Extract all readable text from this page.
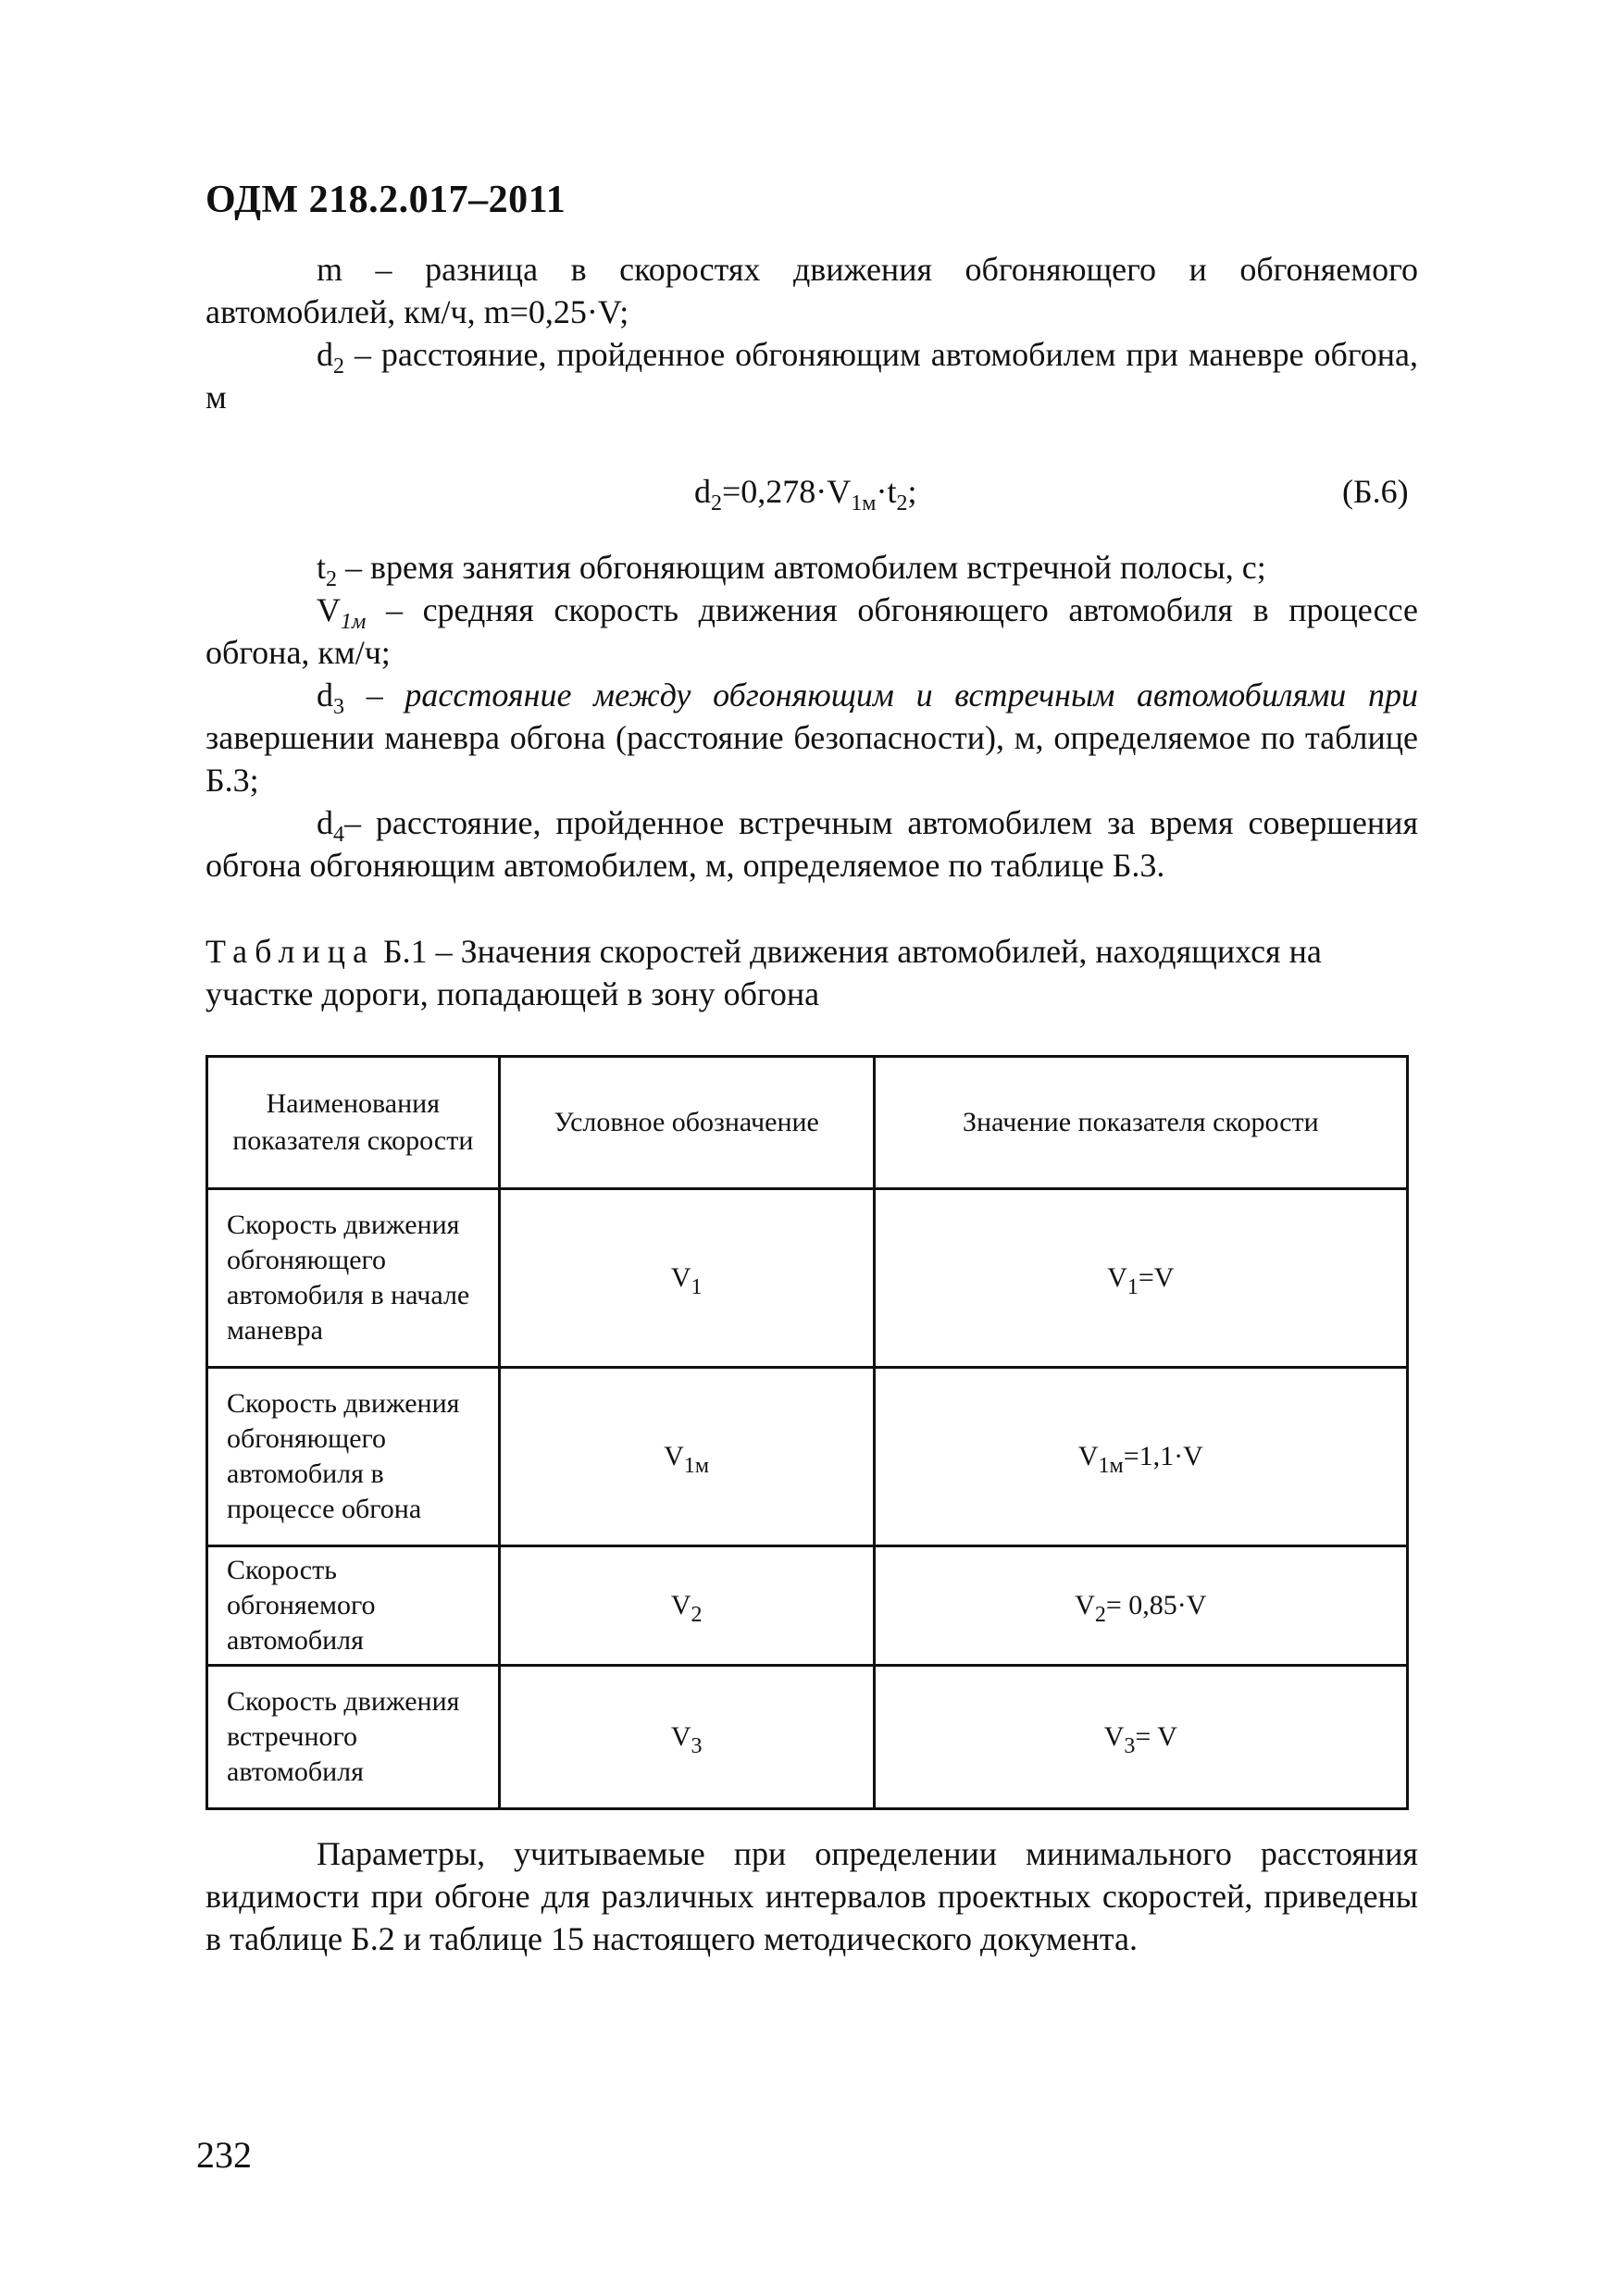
ОДМ 218.2.017–2011
m – разница в скоростях движения обгоняющего и обгоняемого автомобилей, км/ч, m=0,25·V;
$d_2$ – расстояние, пройденное обгоняющим автомобилем при маневре обгона, м
$d_2=0,278\cdot V_{1м}\cdot t_2$;	(Б.6)
$t_2$ – время занятия обгоняющим автомобилем встречной полосы, с;
$V_{1м}$ – средняя скорость движения обгоняющего автомобиля в процессе обгона, км/ч;
$d_3$ – расстояние между обгоняющим и встречным автомобилями при завершении маневра обгона (расстояние безопасности), м, определяемое по таблице Б.3;
$d_4-$ расстояние, пройденное встречным автомобилем за время совершения обгона обгоняющим автомобилем, м, определяемое по таблице Б.3.
Таблица Б.1 – Значения скоростей движения автомобилей, находящихся на участке дороги, попадающей в зону обгона
Наименования показателя скорости	Условное обозначение	Значение показателя скорости
Скорость движения обгоняющего автомобиля в начале маневра	$V_1$	$V_1=V$
Скорость движения обгоняющего автомобиля в процессе обгона	$V_{1м}$	$V_{1м}=1,1\cdot V$
Скорость обгоняемого автомобиля	$V_2$	$V_2= 0,85\cdot V$
Скорость движения встречного автомобиля	$V_3$	$V_3= V$
Параметры, учитываемые при определении минимального расстояния видимости при обгоне для различных интервалов проектных скоростей, приведены в таблице Б.2 и таблице 15 настоящего методического документа.
232
